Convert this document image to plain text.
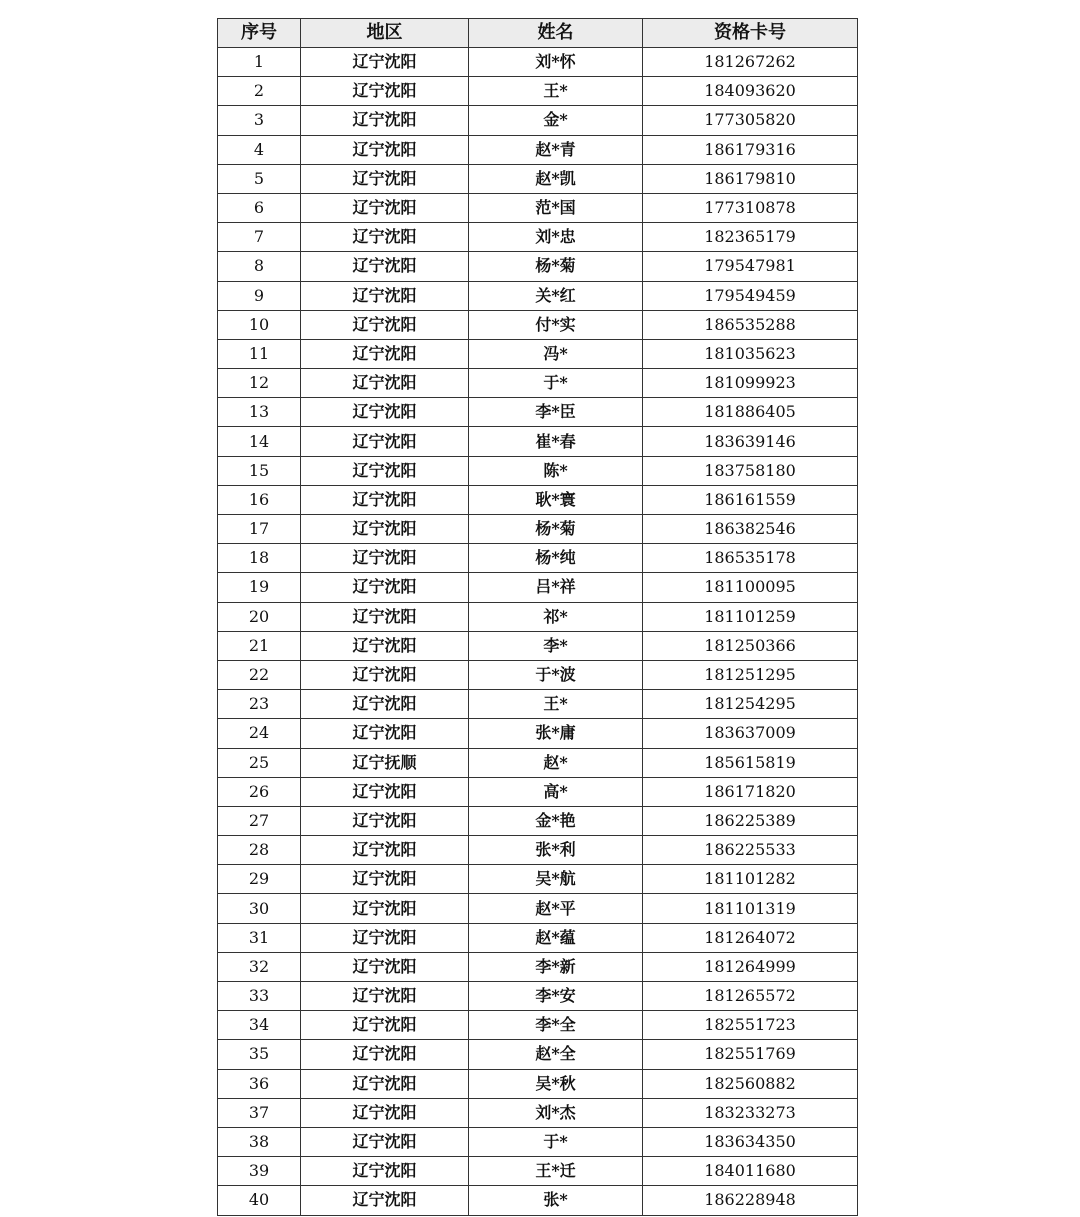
序号	地区	姓名	资格卡号
1	辽宁沈阳	刘*怀	181267262
2	辽宁沈阳	王*	184093620
3	辽宁沈阳	金*	177305820
4	辽宁沈阳	赵*青	186179316
5	辽宁沈阳	赵*凯	186179810
6	辽宁沈阳	范*国	177310878
7	辽宁沈阳	刘*忠	182365179
8	辽宁沈阳	杨*菊	179547981
9	辽宁沈阳	关*红	179549459
10	辽宁沈阳	付*实	186535288
11	辽宁沈阳	冯*	181035623
12	辽宁沈阳	于*	181099923
13	辽宁沈阳	李*臣	181886405
14	辽宁沈阳	崔*春	183639146
15	辽宁沈阳	陈*	183758180
16	辽宁沈阳	耿*寰	186161559
17	辽宁沈阳	杨*菊	186382546
18	辽宁沈阳	杨*纯	186535178
19	辽宁沈阳	吕*祥	181100095
20	辽宁沈阳	祁*	181101259
21	辽宁沈阳	李*	181250366
22	辽宁沈阳	于*波	181251295
23	辽宁沈阳	王*	181254295
24	辽宁沈阳	张*庸	183637009
25	辽宁抚顺	赵*	185615819
26	辽宁沈阳	高*	186171820
27	辽宁沈阳	金*艳	186225389
28	辽宁沈阳	张*利	186225533
29	辽宁沈阳	吴*航	181101282
30	辽宁沈阳	赵*平	181101319
31	辽宁沈阳	赵*蕴	181264072
32	辽宁沈阳	李*新	181264999
33	辽宁沈阳	李*安	181265572
34	辽宁沈阳	李*全	182551723
35	辽宁沈阳	赵*全	182551769
36	辽宁沈阳	吴*秋	182560882
37	辽宁沈阳	刘*杰	183233273
38	辽宁沈阳	于*	183634350
39	辽宁沈阳	王*迁	184011680
40	辽宁沈阳	张*	186228948
